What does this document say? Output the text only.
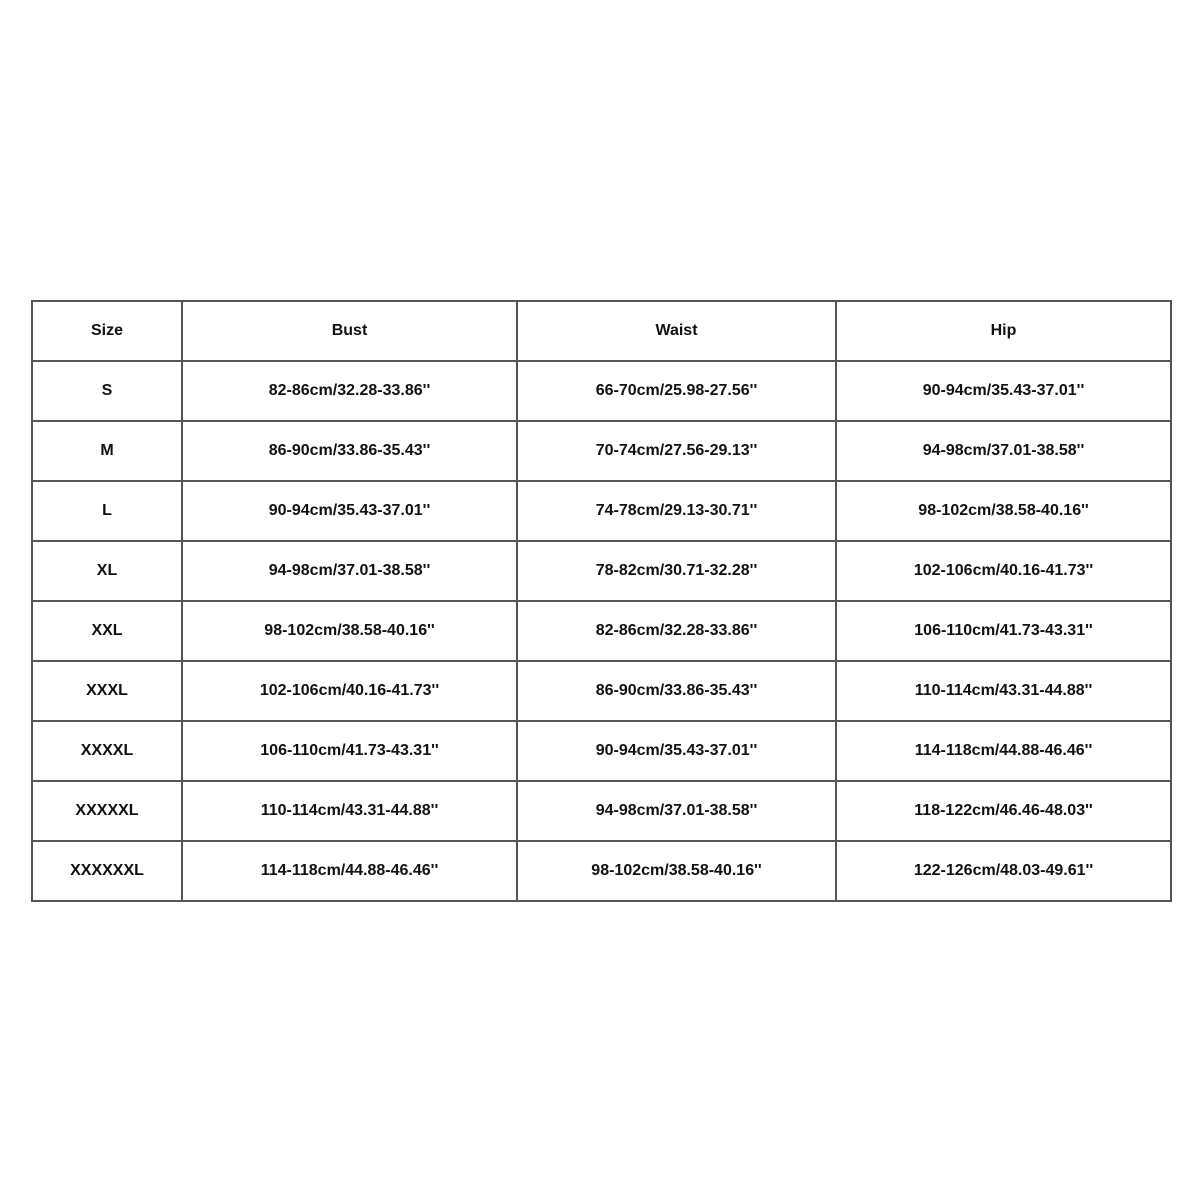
Size	Bust	Waist	Hip
S	82-86cm/32.28-33.86''	66-70cm/25.98-27.56''	90-94cm/35.43-37.01''
M	86-90cm/33.86-35.43''	70-74cm/27.56-29.13''	94-98cm/37.01-38.58''
L	90-94cm/35.43-37.01''	74-78cm/29.13-30.71''	98-102cm/38.58-40.16''
XL	94-98cm/37.01-38.58''	78-82cm/30.71-32.28''	102-106cm/40.16-41.73''
XXL	98-102cm/38.58-40.16''	82-86cm/32.28-33.86''	106-110cm/41.73-43.31''
XXXL	102-106cm/40.16-41.73''	86-90cm/33.86-35.43''	110-114cm/43.31-44.88''
XXXXL	106-110cm/41.73-43.31''	90-94cm/35.43-37.01''	114-118cm/44.88-46.46''
XXXXXL	110-114cm/43.31-44.88''	94-98cm/37.01-38.58''	118-122cm/46.46-48.03''
XXXXXXL	114-118cm/44.88-46.46''	98-102cm/38.58-40.16''	122-126cm/48.03-49.61''
